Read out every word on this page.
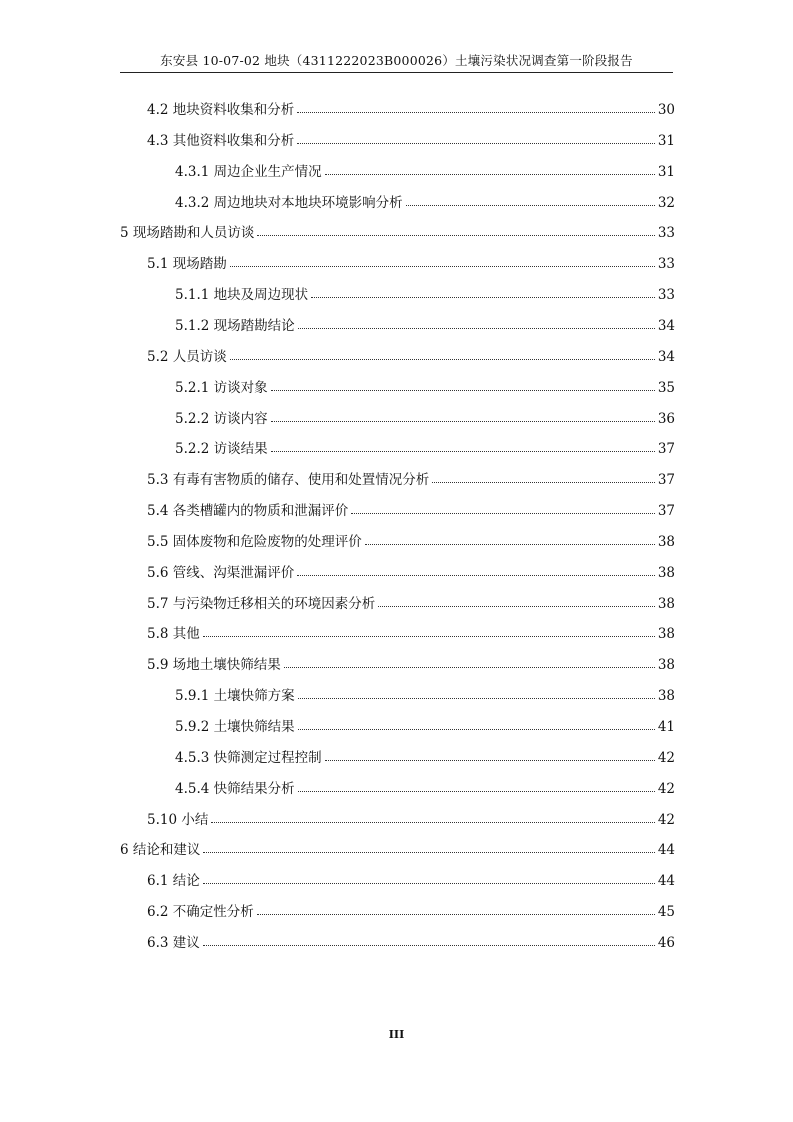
东安县 10-07-02 地块（4311222023B000026）土壤污染状况调查第一阶段报告
4.2 地块资料收集和分析	30
4.3 其他资料收集和分析	31
4.3.1 周边企业生产情况	31
4.3.2 周边地块对本地块环境影响分析	32
5 现场踏勘和人员访谈	33
5.1 现场踏勘	33
5.1.1 地块及周边现状	33
5.1.2 现场踏勘结论	34
5.2 人员访谈	34
5.2.1 访谈对象	35
5.2.2 访谈内容	36
5.2.2 访谈结果	37
5.3 有毒有害物质的储存、使用和处置情况分析	37
5.4 各类槽罐内的物质和泄漏评价	37
5.5 固体废物和危险废物的处理评价	38
5.6 管线、沟渠泄漏评价	38
5.7 与污染物迁移相关的环境因素分析	38
5.8 其他	38
5.9 场地土壤快筛结果	38
5.9.1 土壤快筛方案	38
5.9.2 土壤快筛结果	41
4.5.3 快筛测定过程控制	42
4.5.4 快筛结果分析	42
5.10 小结	42
6 结论和建议	44
6.1 结论	44
6.2 不确定性分析	45
6.3 建议	46
III
